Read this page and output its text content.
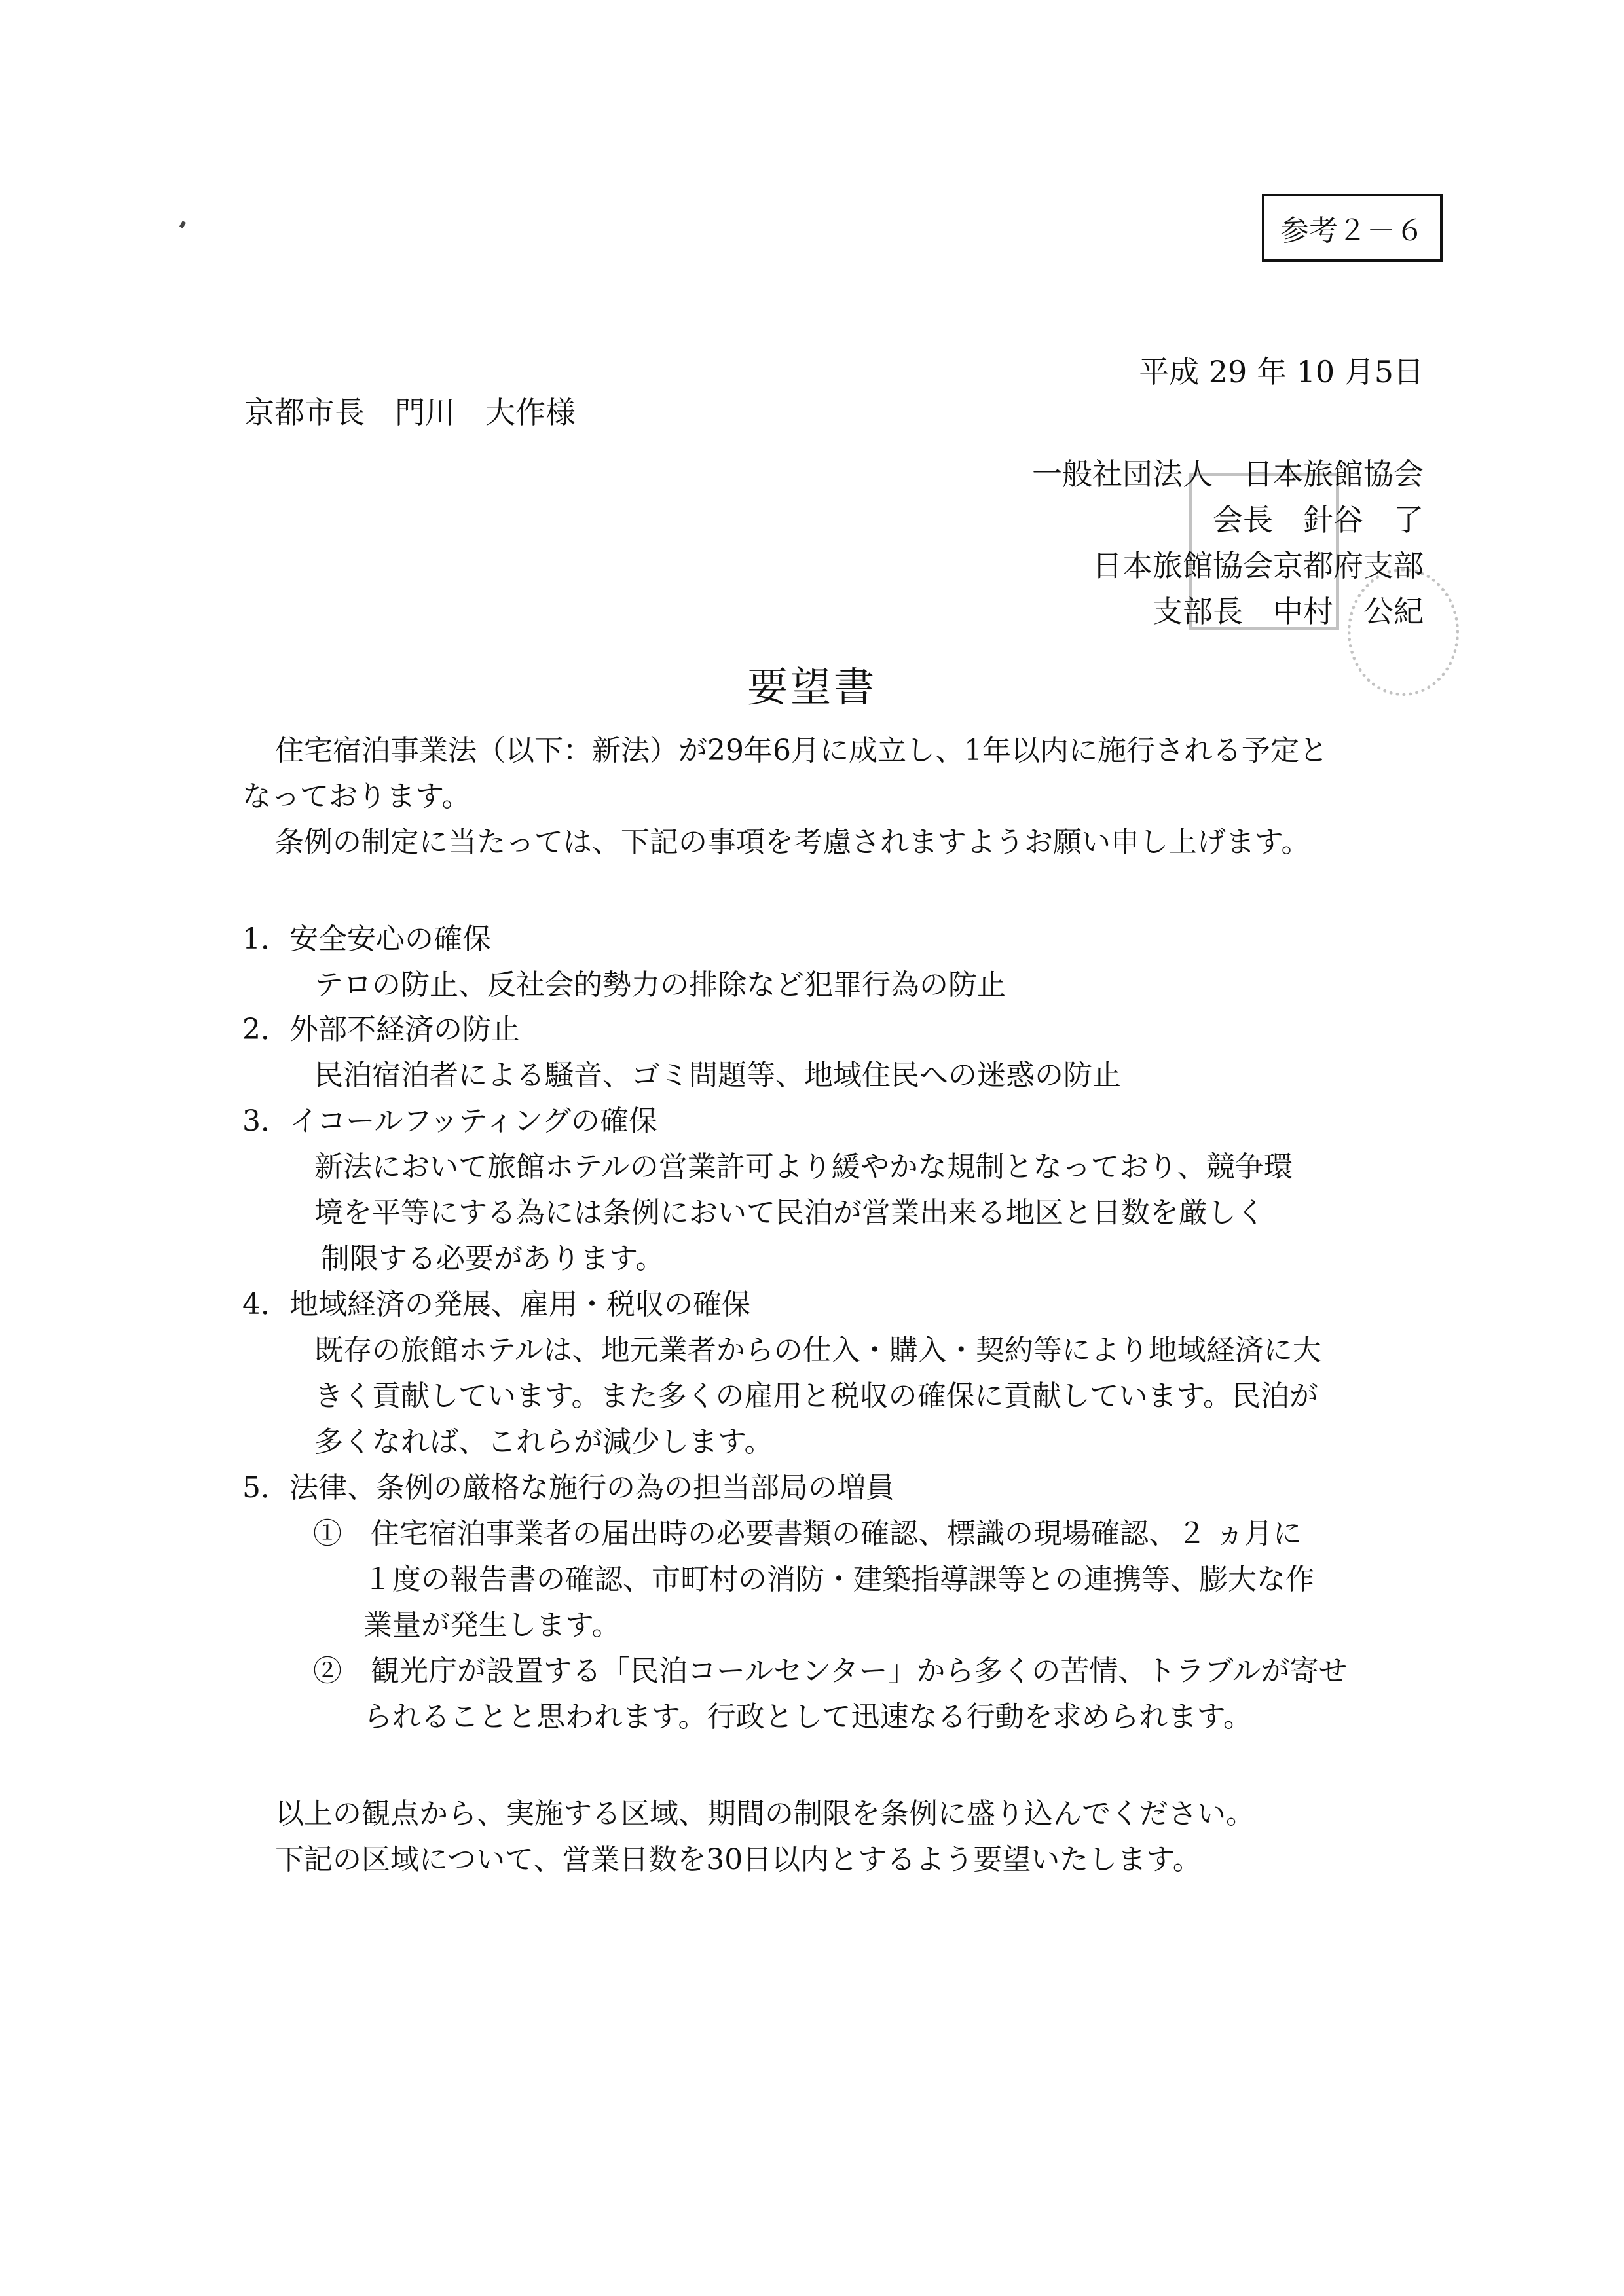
参考２－６
平成 29 年 10 月5日
京都市長　門川　大作様
一般社団法人　日本旅館協会
会長　針谷　了
日本旅館協会京都府支部
支部長　中村　公紀
要望書
住宅宿泊事業法（以下：新法）が29年6月に成立し、1年以内に施行される予定と
なっております。
条例の制定に当たっては、下記の事項を考慮されますようお願い申し上げます。
1．安全安心の確保
テロの防止、反社会的勢力の排除など犯罪行為の防止
2．外部不経済の防止
民泊宿泊者による騒音、ゴミ問題等、地域住民への迷惑の防止
3．イコールフッティングの確保
新法において旅館ホテルの営業許可より緩やかな規制となっており、競争環
境を平等にする為には条例において民泊が営業出来る地区と日数を厳しく
制限する必要があります。
4．地域経済の発展、雇用・税収の確保
既存の旅館ホテルは、地元業者からの仕入・購入・契約等により地域経済に大
きく貢献しています。また多くの雇用と税収の確保に貢献しています。民泊が
多くなれば、これらが減少します。
5．法律、条例の厳格な施行の為の担当部局の増員
①　住宅宿泊事業者の届出時の必要書類の確認、標識の現場確認、２ ヵ月に
１度の報告書の確認、市町村の消防・建築指導課等との連携等、膨大な作
業量が発生します。
②　観光庁が設置する「民泊コールセンター」から多くの苦情、トラブルが寄せ
られることと思われます。行政として迅速なる行動を求められます。
以上の観点から、実施する区域、期間の制限を条例に盛り込んでください。
下記の区域について、営業日数を30日以内とするよう要望いたします。
